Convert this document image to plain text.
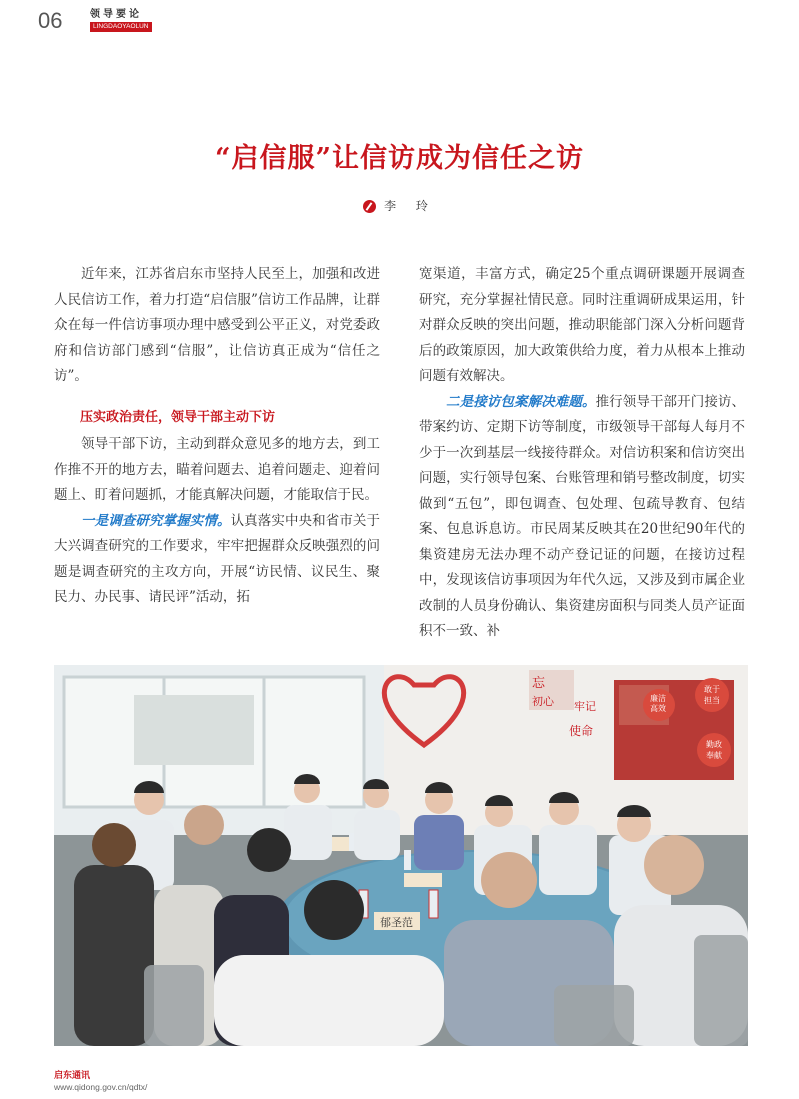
06	领导要论
LINGDAOYAOLUN
“启信服”让信访成为信任之访
李 玲

近年来，江苏省启东市坚持人民至上，加强和改进人民信访工作，着力打造“启信服”信访工作品牌，让群众在每一件信访事项办理中感受到公平正义，对党委政府和信访部门感到“信服”，让信访真正成为“信任之访”。

压实政治责任，领导干部主动下访

领导干部下访，主动到群众意见多的地方去，到工作推不开的地方去，瞄着问题去、追着问题走、迎着问题上、盯着问题抓，才能真解决问题，才能取信于民。

一是调查研究掌握实情。认真落实中央和省市关于大兴调查研究的工作要求，牢牢把握群众反映强烈的问题是调查研究的主攻方向，开展“访民情、议民生、聚民力、办民事、请民评”活动，拓

宽渠道，丰富方式，确定25个重点调研课题开展调查研究，充分掌握社情民意。同时注重调研成果运用，针对群众反映的突出问题，推动职能部门深入分析问题背后的政策原因，加大政策供给力度，着力从根本上推动问题有效解决。

二是接访包案解决难题。推行领导干部开门接访、带案约访、定期下访等制度，市级领导干部每人每月不少于一次到基层一线接待群众。对信访积案和信访突出问题，实行领导包案、台账管理和销号整改制度，切实做到“五包”，即包调查、包处理、包疏导教育、包结案、包息诉息访。市民周某反映其在20世纪90年代的集资建房无法办理不动产登记证的问题，在接访过程中，发现该信访事项因为年代久远，又涉及到市属企业改制的人员身份确认、集资建房面积与同类人员产证面积不一致、补

忘
初心 牢记
使命
廉洁
高效
敢于
担当
勤政
奉献
郁圣范
启东通讯
www.qidong.gov.cn/qdtx/
